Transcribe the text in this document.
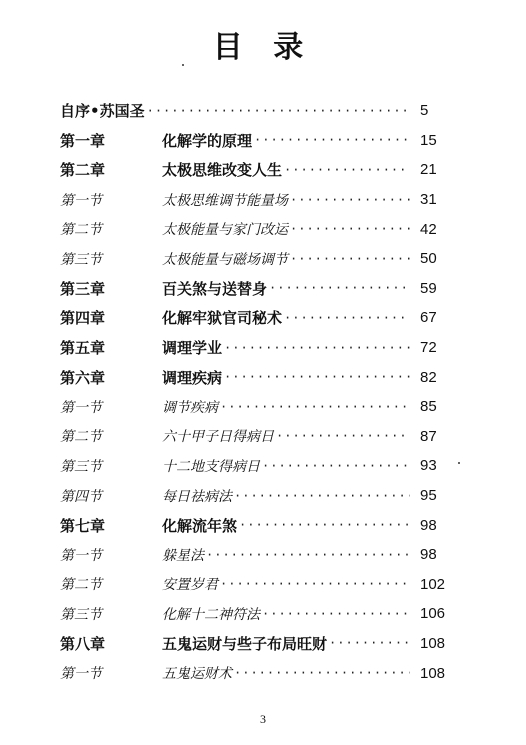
目 录
自序•苏国圣 ·····	5
第一章	化解学的原理 ·····	15
第二章	太极思维改变人生 ·····	21
第一节	太极思维调节能量场 ·····	31
第二节	太极能量与家门改运 ·····	42
第三节	太极能量与磁场调节 ·····	50
第三章	百关煞与送替身 ·····	59
第四章	化解牢狱官司秘术 ·····	67
第五章	调理学业 ·····	72
第六章	调理疾病 ·····	82
第一节	调节疾病 ·····	85
第二节	六十甲子日得病日 ·····	87
第三节	十二地支得病日 ·····	93
第四节	每日祛病法 ·····	95
第七章	化解流年煞 ·····	98
第一节	躲星法 ·····	98
第二节	安置岁君 ·····	102
第三节	化解十二神符法 ·····	106
第八章	五鬼运财与些子布局旺财 ·····	108
第一节	五鬼运财术 ·····	108
3
